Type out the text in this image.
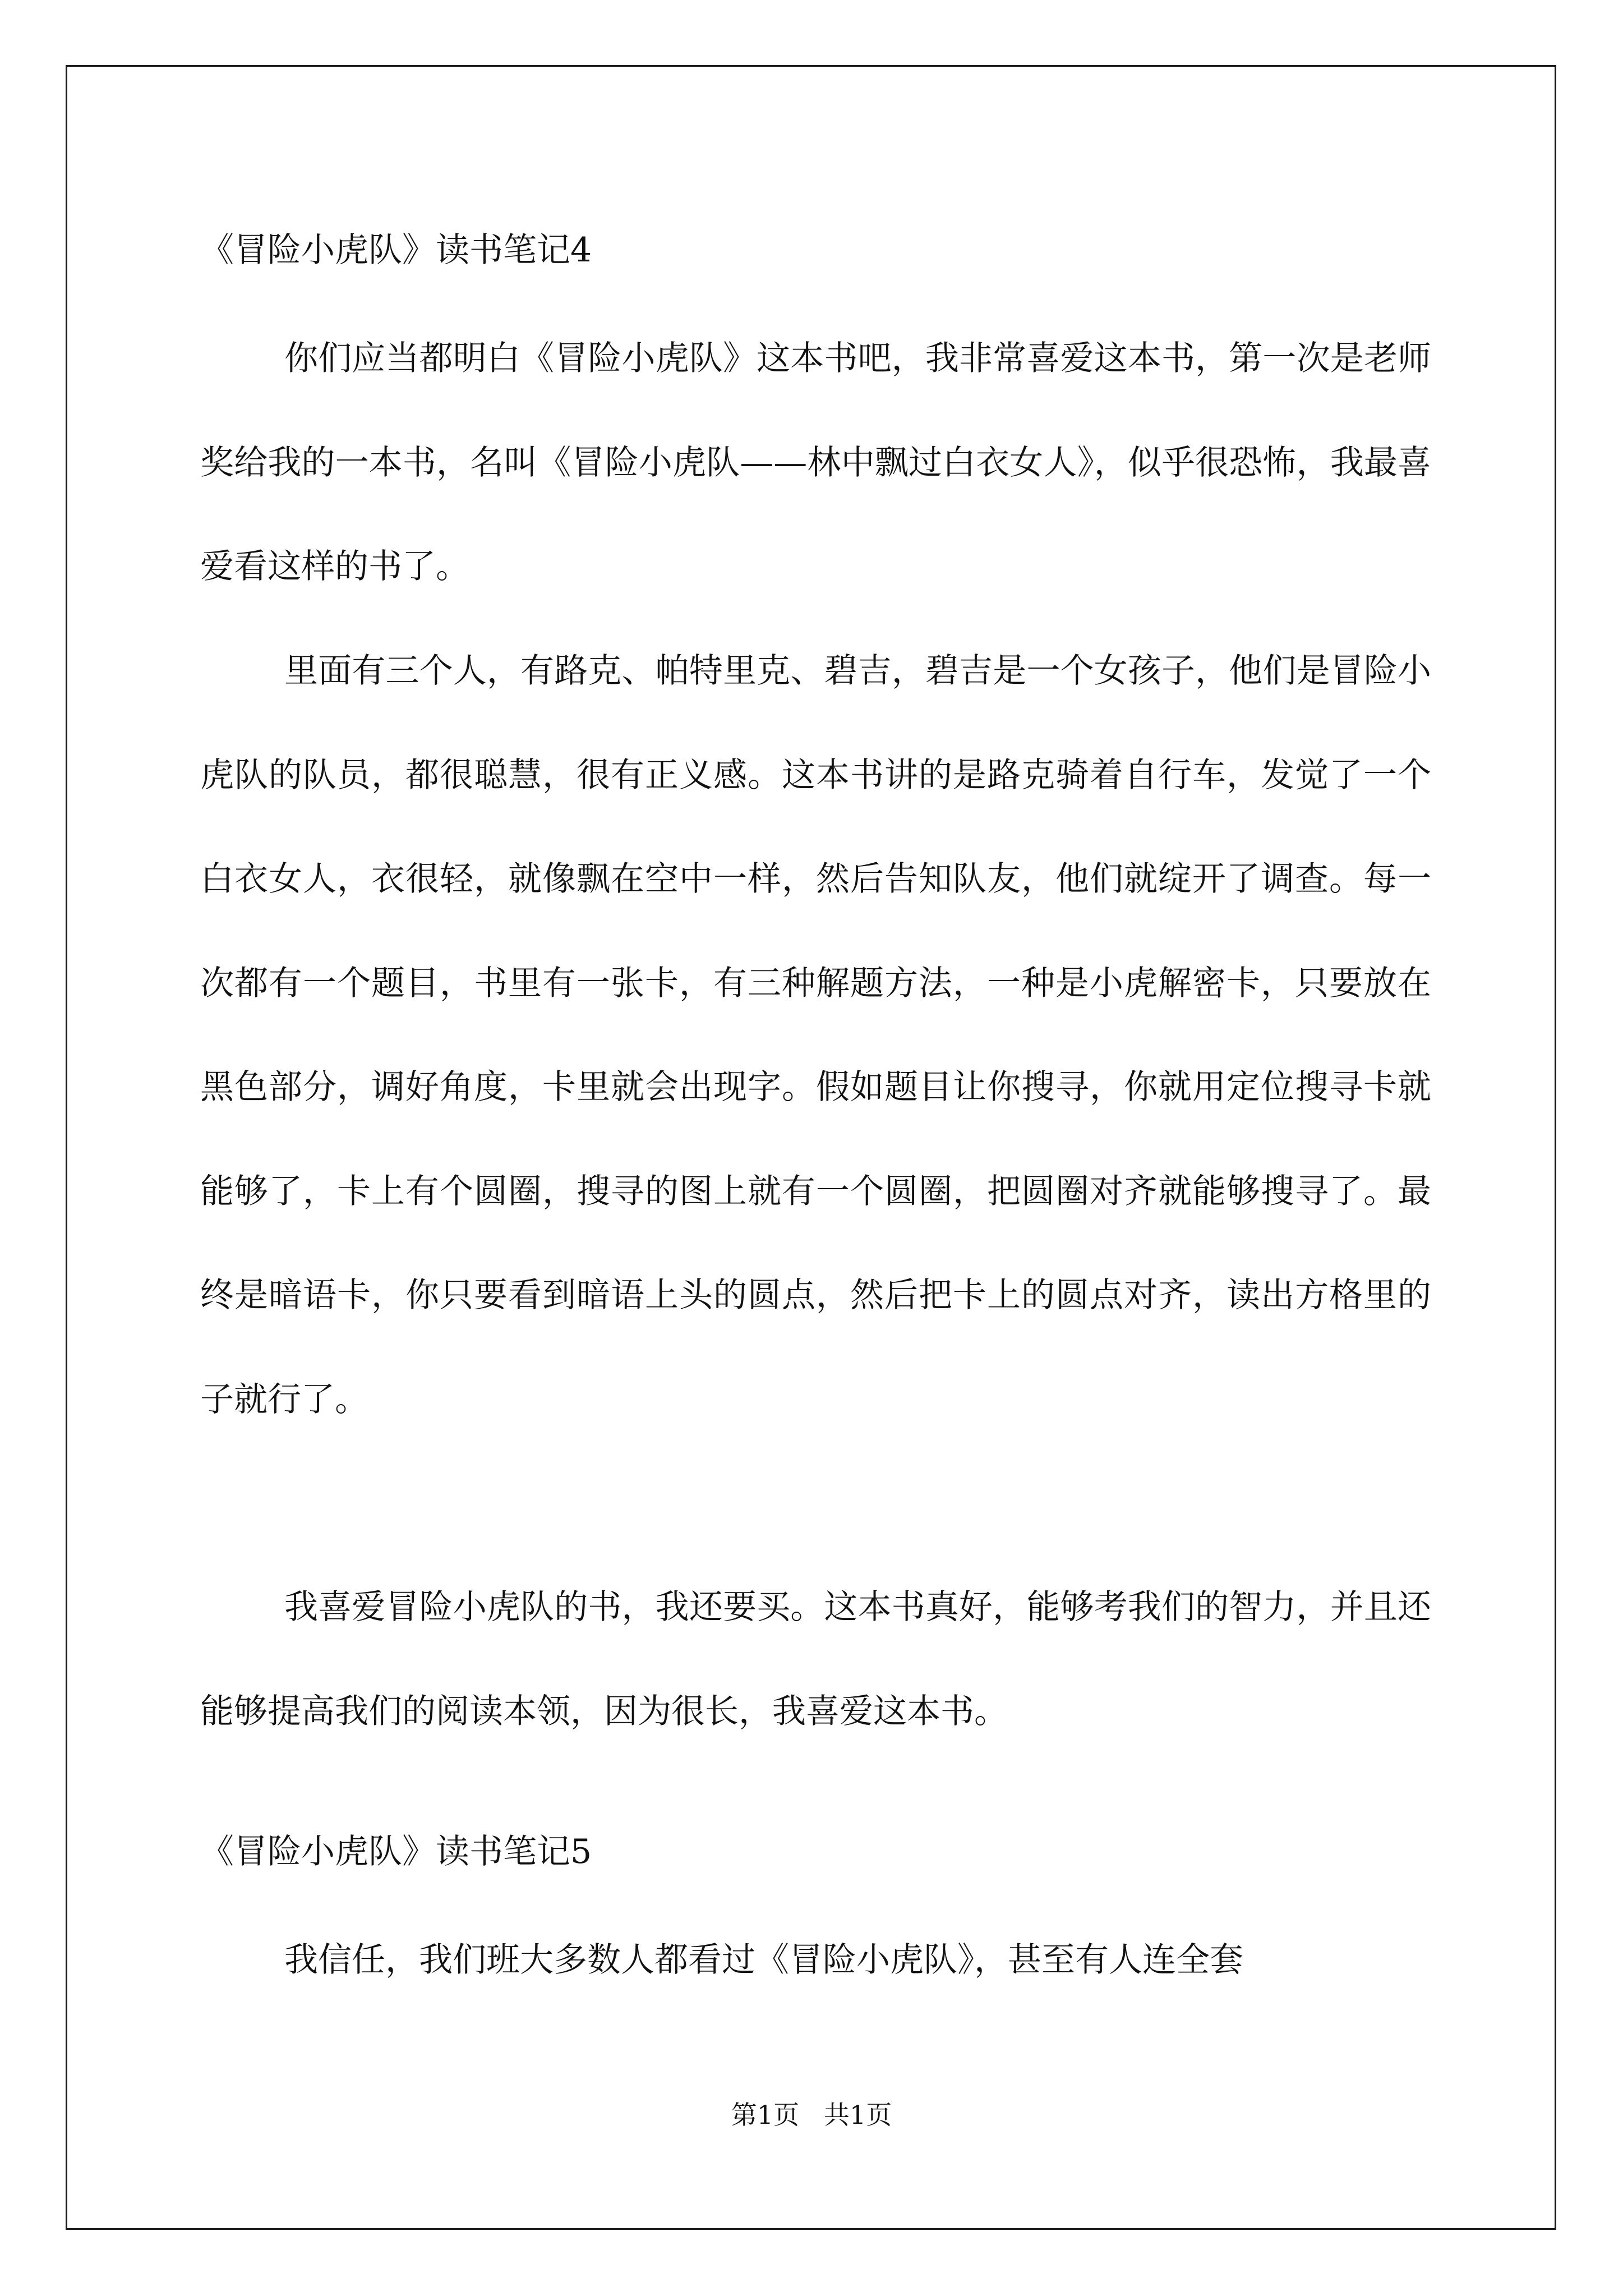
《冒险小虎队》读书笔记4

你们应当都明白《冒险小虎队》这本书吧，我非常喜爱这本书，第一次是老师奖给我的一本书，名叫《冒险小虎队——林中飘过白衣女人》，似乎很恐怖，我最喜爱看这样的书了。

里面有三个人，有路克、帕特里克、碧吉，碧吉是一个女孩子，他们是冒险小虎队的队员，都很聪慧，很有正义感。这本书讲的是路克骑着自行车，发觉了一个白衣女人，衣很轻，就像飘在空中一样，然后告知队友，他们就绽开了调查。每一次都有一个题目，书里有一张卡，有三种解题方法，一种是小虎解密卡，只要放在黑色部分，调好角度，卡里就会出现字。假如题目让你搜寻，你就用定位搜寻卡就能够了，卡上有个圆圈，搜寻的图上就有一个圆圈，把圆圈对齐就能够搜寻了。最终是暗语卡，你只要看到暗语上头的圆点，然后把卡上的圆点对齐，读出方格里的子就行了。

我喜爱冒险小虎队的书，我还要买。这本书真好，能够考我们的智力，并且还能够提高我们的阅读本领，因为很长，我喜爱这本书。

《冒险小虎队》读书笔记5

我信任，我们班大多数人都看过《冒险小虎队》，甚至有人连全套

第1页   共1页
